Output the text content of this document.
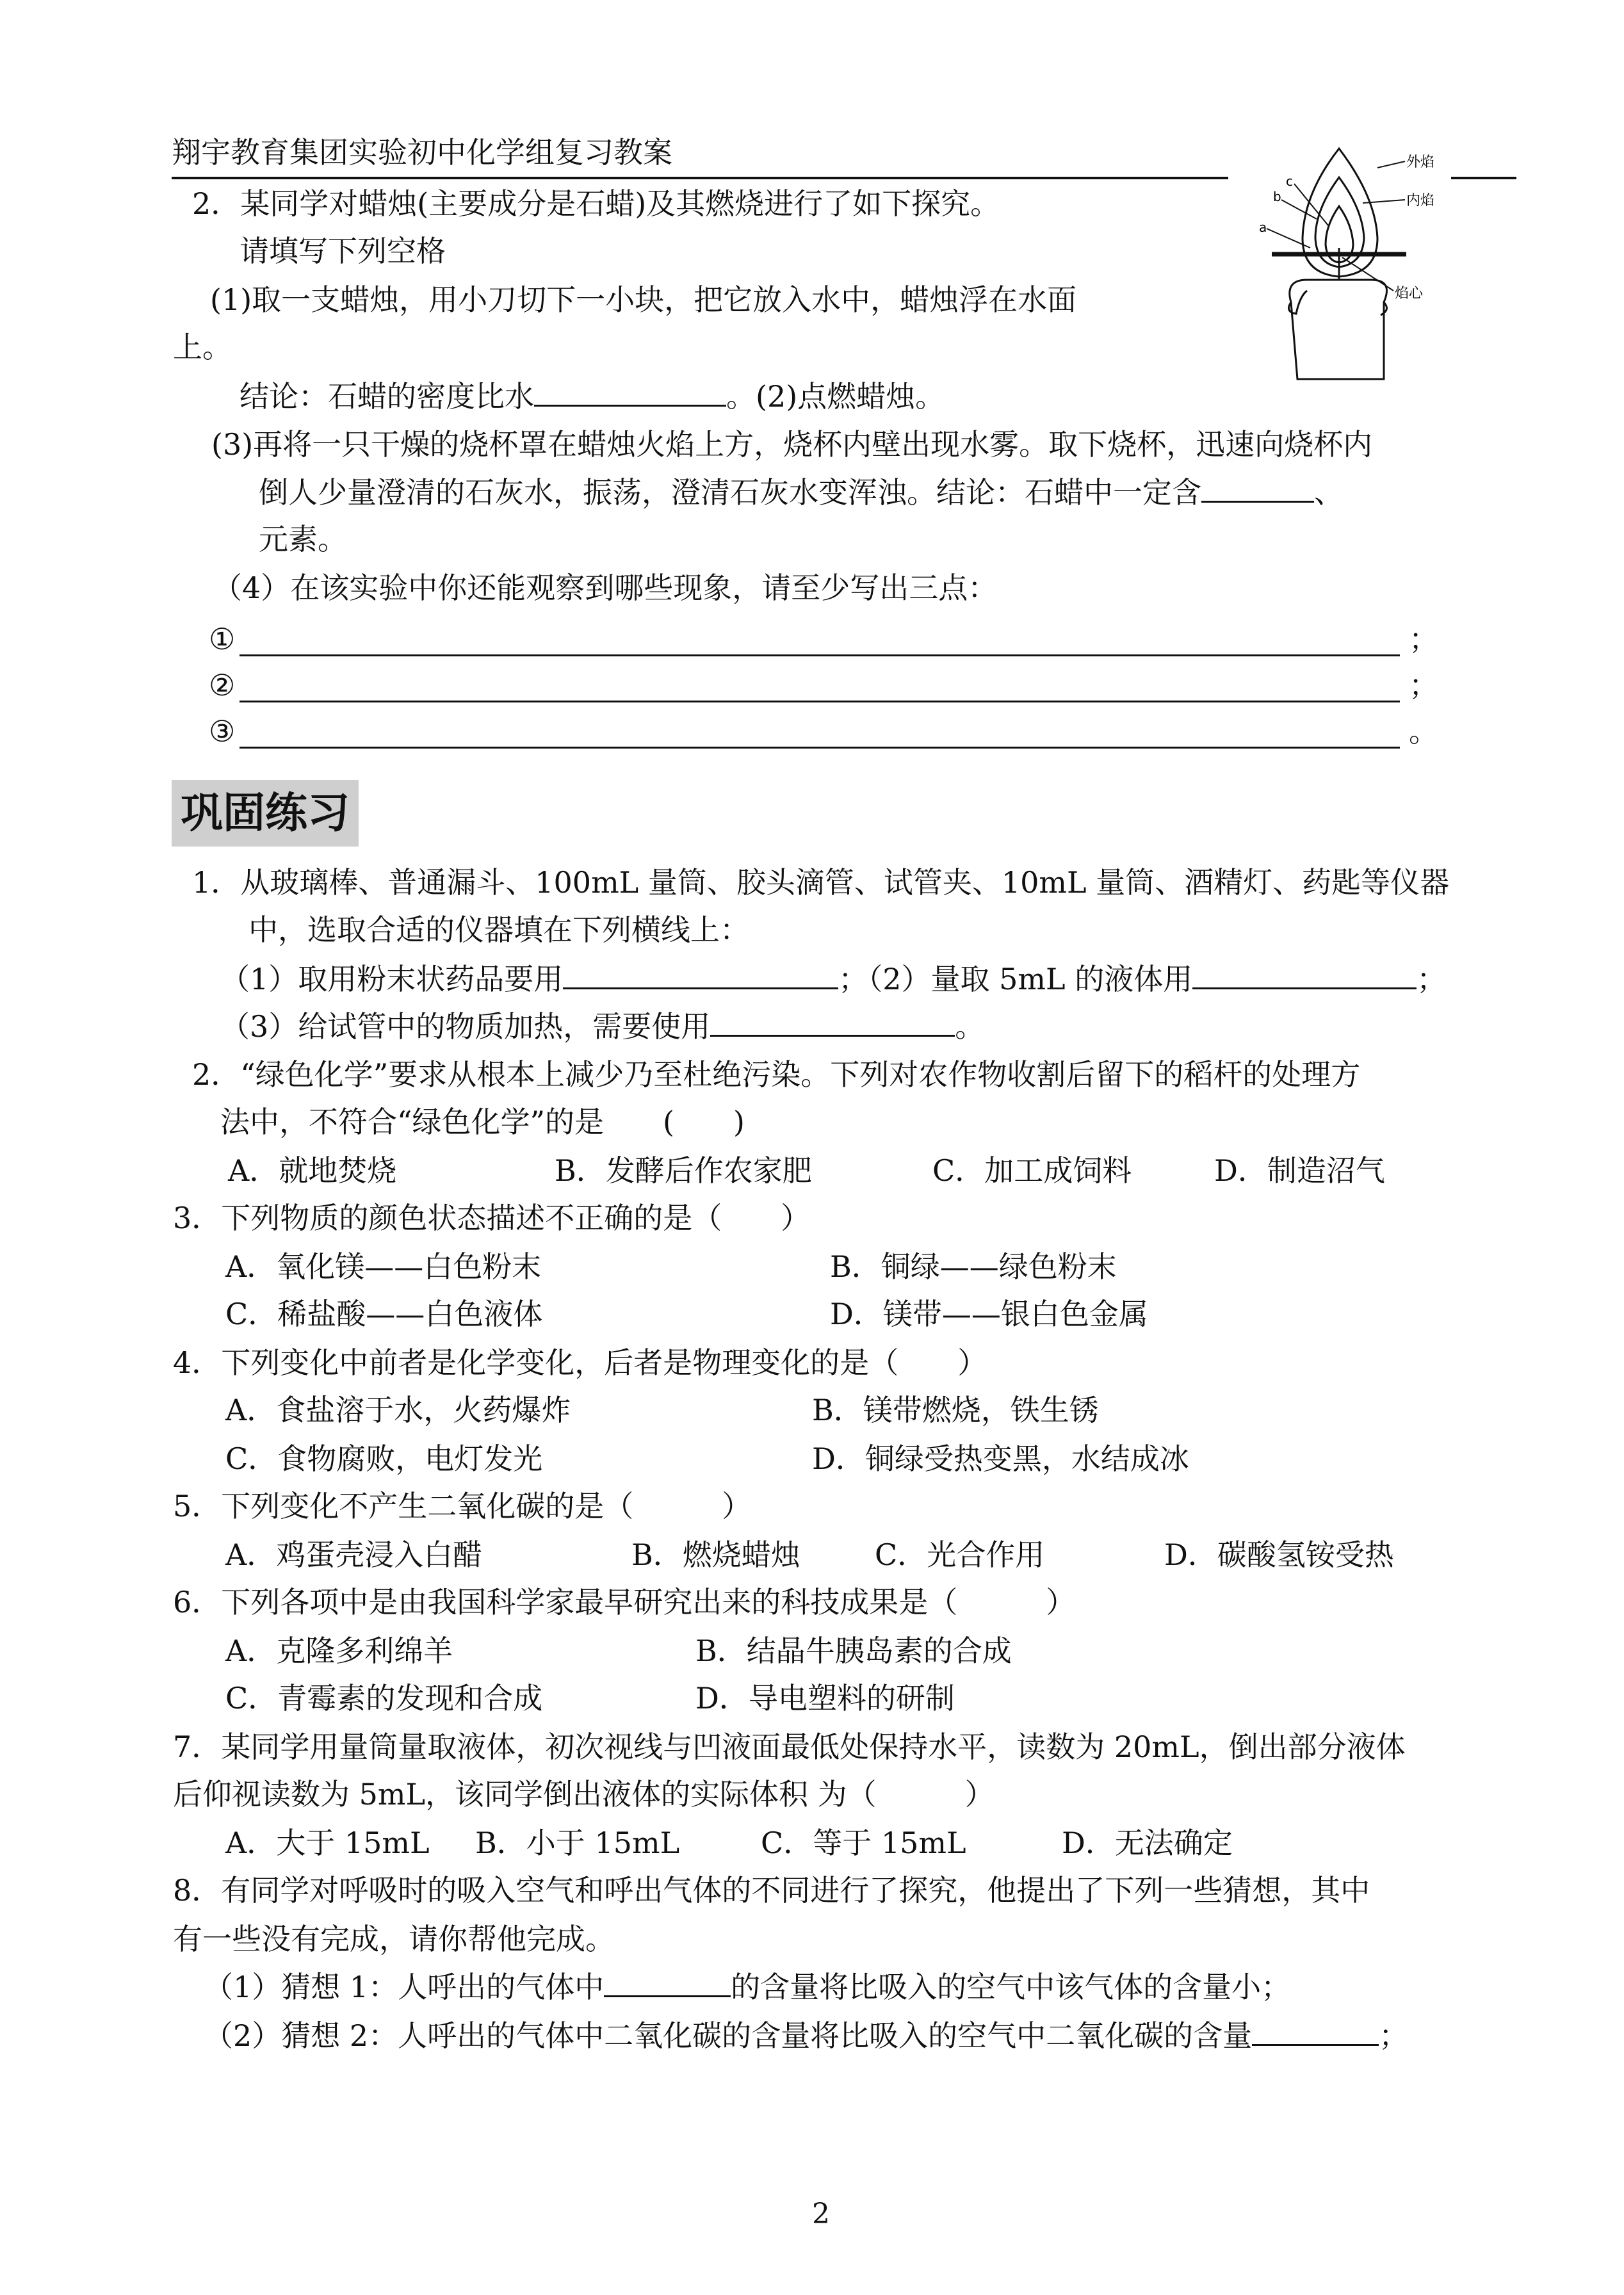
翔宇教育集团实验初中化学组复习教案	外焰
内焰
焰心
c
b
a
2．某同学对蜡烛(主要成分是石蜡)及其燃烧进行了如下探究。
请填写下列空格
(1)取一支蜡烛，用小刀切下一小块，把它放入水中，蜡烛浮在水面
上。
结论：石蜡的密度比水	。(2)点燃蜡烛。
(3)再将一只干燥的烧杯罩在蜡烛火焰上方，烧杯内壁出现水雾。取下烧杯，迅速向烧杯内
倒人少量澄清的石灰水，振荡，澄清石灰水变浑浊。结论：石蜡中一定含	、
元素。
（4）在该实验中你还能观察到哪些现象，请至少写出三点：
①	；
②	；
③	。
巩固练习
1．从玻璃棒、普通漏斗、100mL 量筒、胶头滴管、试管夹、10mL 量筒、酒精灯、药匙等仪器
中，选取合适的仪器填在下列横线上：
（1）取用粉末状药品要用	；（2）量取 5mL 的液体用	；
（3）给试管中的物质加热，需要使用	。
2．“绿色化学”要求从根本上减少乃至杜绝污染。下列对农作物收割后留下的稻杆的处理方
法中，不符合“绿色化学”的是　　(　　)
A．就地焚烧	B．发酵后作农家肥	C．加工成饲料	D．制造沼气
3．下列物质的颜色状态描述不正确的是（　　）
A．氧化镁——白色粉末	B．铜绿——绿色粉末
C．稀盐酸——白色液体	D．镁带——银白色金属
4．下列变化中前者是化学变化，后者是物理变化的是（　　）
A．食盐溶于水，火药爆炸	B．镁带燃烧，铁生锈
C．食物腐败，电灯发光	D．铜绿受热变黑，水结成冰
5．下列变化不产生二氧化碳的是（　　　）
A．鸡蛋壳浸入白醋	B．燃烧蜡烛	C．光合作用	D．碳酸氢铵受热
6．下列各项中是由我国科学家最早研究出来的科技成果是（　　　）
A．克隆多利绵羊	B．结晶牛胰岛素的合成
C．青霉素的发现和合成	D．导电塑料的研制
7．某同学用量筒量取液体，初次视线与凹液面最低处保持水平，读数为 20mL，倒出部分液体
后仰视读数为 5mL，该同学倒出液体的实际体积 为（　　　）
A．大于 15mL B．小于 15mL	C．等于 15mL	D．无法确定
8．有同学对呼吸时的吸入空气和呼出气体的不同进行了探究，他提出了下列一些猜想，其中
有一些没有完成，请你帮他完成。
（1）猜想 1：人呼出的气体中	的含量将比吸入的空气中该气体的含量小；
（2）猜想 2：人呼出的气体中二氧化碳的含量将比吸入的空气中二氧化碳的含量	；
2
